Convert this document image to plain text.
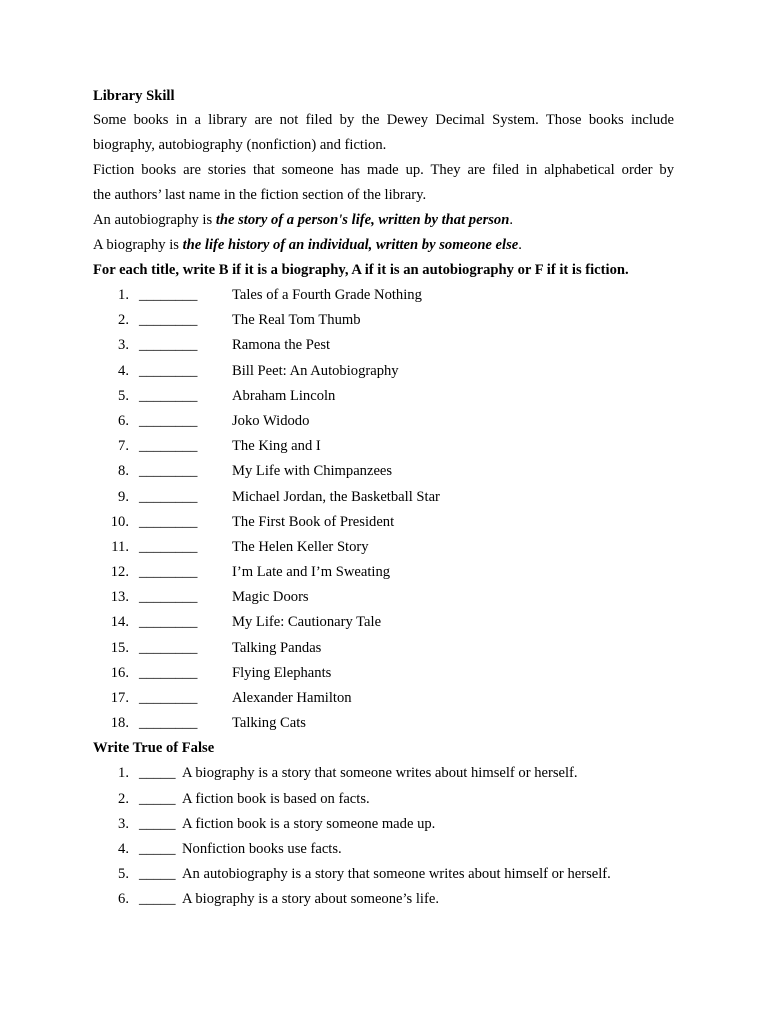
Library Skill
Some books in a library are not filed by the Dewey Decimal System. Those books include
biography, autobiography (nonfiction) and fiction.
Fiction books are stories that someone has made up. They are filed in alphabetical order by
the authors’ last name in the fiction section of the library.
An autobiography is the story of a person's life, written by that person.
A biography is the life history of an individual, written by someone else.
For each title, write B if it is a biography, A if it is an autobiography or F if it is fiction.
1. ________ Tales of a Fourth Grade Nothing
2. ________ The Real Tom Thumb
3. ________ Ramona the Pest
4. ________ Bill Peet: An Autobiography
5. ________ Abraham Lincoln
6. ________ Joko Widodo
7. ________ The King and I
8. ________ My Life with Chimpanzees
9. ________ Michael Jordan, the Basketball Star
10. ________ The First Book of President
11. ________ The Helen Keller Story
12. ________ I’m Late and I’m Sweating
13. ________ Magic Doors
14. ________ My Life: Cautionary Tale
15. ________ Talking Pandas
16. ________ Flying Elephants
17. ________ Alexander Hamilton
18. ________ Talking Cats
Write True of False
1. _____ A biography is a story that someone writes about himself or herself.
2. _____ A fiction book is based on facts.
3. _____ A fiction book is a story someone made up.
4. _____ Nonfiction books use facts.
5. _____ An autobiography is a story that someone writes about himself or herself.
6. _____ A biography is a story about someone’s life.
